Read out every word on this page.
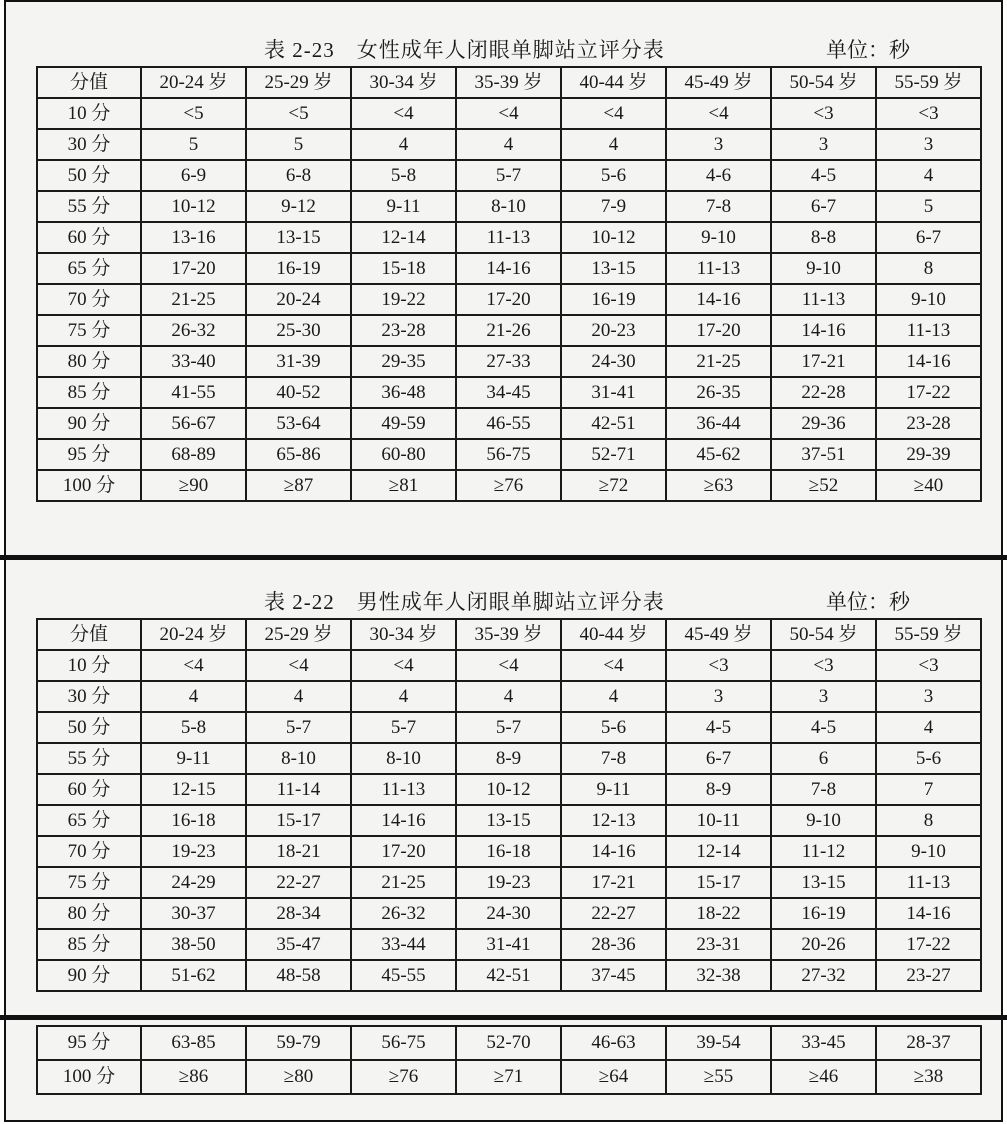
表 2-23 女性成年人闭眼单脚站立评分表	单位：秒
分值	20-24 岁	25-29 岁	30-34 岁	35-39 岁	40-44 岁	45-49 岁	50-54 岁	55-59 岁
10 分	<5	<5	<4	<4	<4	<4	<3	<3
30 分	5	5	4	4	4	3	3	3
50 分	6-9	6-8	5-8	5-7	5-6	4-6	4-5	4
55 分	10-12	9-12	9-11	8-10	7-9	7-8	6-7	5
60 分	13-16	13-15	12-14	11-13	10-12	9-10	8-8	6-7
65 分	17-20	16-19	15-18	14-16	13-15	11-13	9-10	8
70 分	21-25	20-24	19-22	17-20	16-19	14-16	11-13	9-10
75 分	26-32	25-30	23-28	21-26	20-23	17-20	14-16	11-13
80 分	33-40	31-39	29-35	27-33	24-30	21-25	17-21	14-16
85 分	41-55	40-52	36-48	34-45	31-41	26-35	22-28	17-22
90 分	56-67	53-64	49-59	46-55	42-51	36-44	29-36	23-28
95 分	68-89	65-86	60-80	56-75	52-71	45-62	37-51	29-39
100 分	≥90	≥87	≥81	≥76	≥72	≥63	≥52	≥40
表 2-22 男性成年人闭眼单脚站立评分表	单位：秒
分值	20-24 岁	25-29 岁	30-34 岁	35-39 岁	40-44 岁	45-49 岁	50-54 岁	55-59 岁
10 分	<4	<4	<4	<4	<4	<3	<3	<3
30 分	4	4	4	4	4	3	3	3
50 分	5-8	5-7	5-7	5-7	5-6	4-5	4-5	4
55 分	9-11	8-10	8-10	8-9	7-8	6-7	6	5-6
60 分	12-15	11-14	11-13	10-12	9-11	8-9	7-8	7
65 分	16-18	15-17	14-16	13-15	12-13	10-11	9-10	8
70 分	19-23	18-21	17-20	16-18	14-16	12-14	11-12	9-10
75 分	24-29	22-27	21-25	19-23	17-21	15-17	13-15	11-13
80 分	30-37	28-34	26-32	24-30	22-27	18-22	16-19	14-16
85 分	38-50	35-47	33-44	31-41	28-36	23-31	20-26	17-22
90 分	51-62	48-58	45-55	42-51	37-45	32-38	27-32	23-27
95 分	63-85	59-79	56-75	52-70	46-63	39-54	33-45	28-37
100 分	≥86	≥80	≥76	≥71	≥64	≥55	≥46	≥38
